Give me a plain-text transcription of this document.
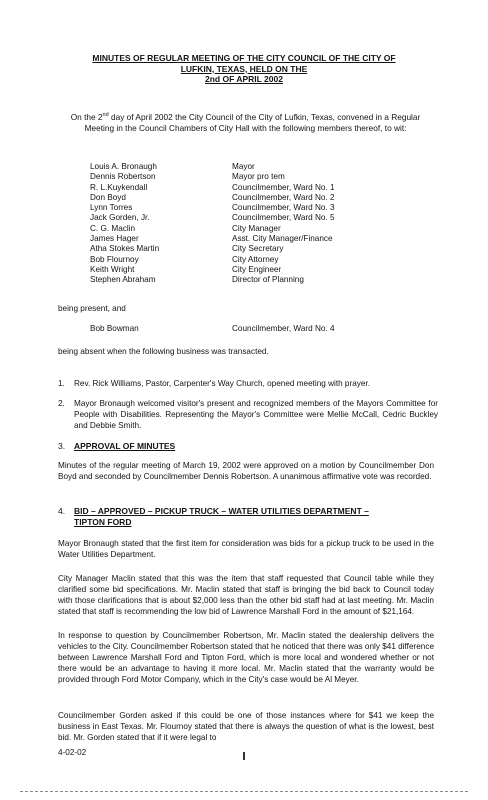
MINUTES OF REGULAR MEETING OF THE CITY COUNCIL OF THE CITY OF
LUFKIN, TEXAS, HELD ON THE
2nd OF APRIL 2002
On the 2nd day of April 2002 the City Council of the City of Lufkin, Texas, convened in a Regular Meeting in the Council Chambers of City Hall with the following members thereof, to wit:
Louis A. Bronaugh	Mayor
Dennis Robertson	Mayor pro tem
R. L.Kuykendall	Councilmember, Ward No. 1
Don Boyd	Councilmember, Ward No. 2
Lynn Torres	Councilmember, Ward No. 3
Jack Gorden, Jr.	Councilmember, Ward No. 5
C. G. Maclin	City Manager
James Hager	Asst. City Manager/Finance
Atha Stokes Martin	City Secretary
Bob Flournoy	City Attorney
Keith Wright	City Engineer
Stephen Abraham	Director of Planning
being present, and
Bob Bowman	Councilmember, Ward No. 4
being absent when the following business was transacted.
1.	Rev. Rick Williams, Pastor, Carpenter's Way Church, opened meeting with prayer.
2.	Mayor Bronaugh welcomed visitor's present and recognized members of the Mayors Committee for People with Disabilities. Representing the Mayor's Committee were Mellie McCall, Cedric Buckley and Debbie Smith.
3.	APPROVAL OF MINUTES
Minutes of the regular meeting of March 19, 2002 were approved on a motion by Councilmember Don Boyd and seconded by Councilmember Dennis Robertson. A unanimous affirmative vote was recorded.
4.	BID – APPROVED – PICKUP TRUCK – WATER UTILITIES DEPARTMENT –
TIPTON FORD
Mayor Bronaugh stated that the first item for consideration was bids for a pickup truck to be used in the Water Utilities Department.
City Manager Maclin stated that this was the item that staff requested that Council table while they clarified some bid specifications. Mr. Maclin stated that staff is bringing the bid back to Council today with those clarifications that is about $2,000 less than the other bid staff had at last meeting. Mr. Maclin stated that staff is recommending the low bid of Lawrence Marshall Ford in the amount of $21,164.
In response to question by Councilmember Robertson, Mr. Maclin stated the dealership delivers the vehicles to the City. Councilmember Robertson stated that he noticed that there was only $41 difference between Lawrence Marshall Ford and Tipton Ford, which is more local and wondered whether or not there would be an advantage to having it more local. Mr. Maclin stated that the warranty would be provided through Ford Motor Company, which in the City's case would be Al Meyer.
Councilmember Gorden asked if this could be one of those instances where for $41 we keep the business in East Texas. Mr. Flournoy stated that there is always the question of what is the lowest, best bid. Mr. Gorden stated that if it were legal to
4-02-02
